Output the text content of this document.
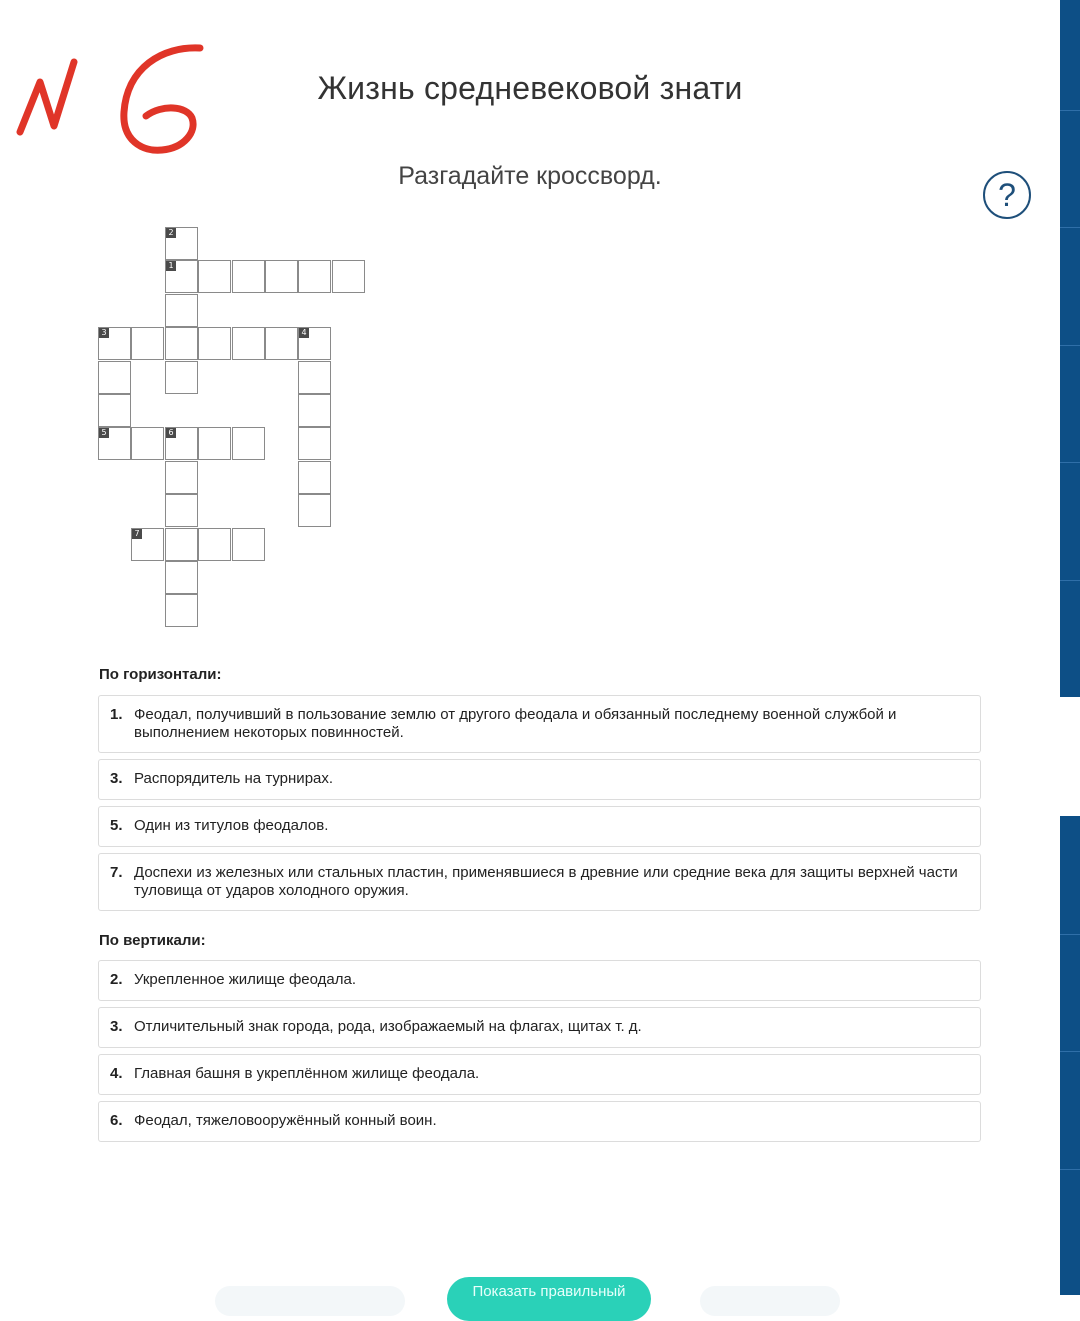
Жизнь средневековой знати
Разгадайте кроссворд.
?
1
2
3	4
5	6
7
По горизонтали:
1. Феодал, получивший в пользование землю от другого феодала и обязанный последнему военной службой и выполнением некоторых повинностей.
3. Распорядитель на турнирах.
5. Один из титулов феодалов.
7. Доспехи из железных или стальных пластин, применявшиеся в древние или средние века для защиты верхней части туловища от ударов холодного оружия.
По вертикали:
2. Укрепленное жилище феодала.
3. Отличительный знак города, рода, изображаемый на флагах, щитах т. д.
4. Главная башня в укреплённом жилище феодала.
6. Феодал, тяжеловооружённый конный воин.
Показать правильный
